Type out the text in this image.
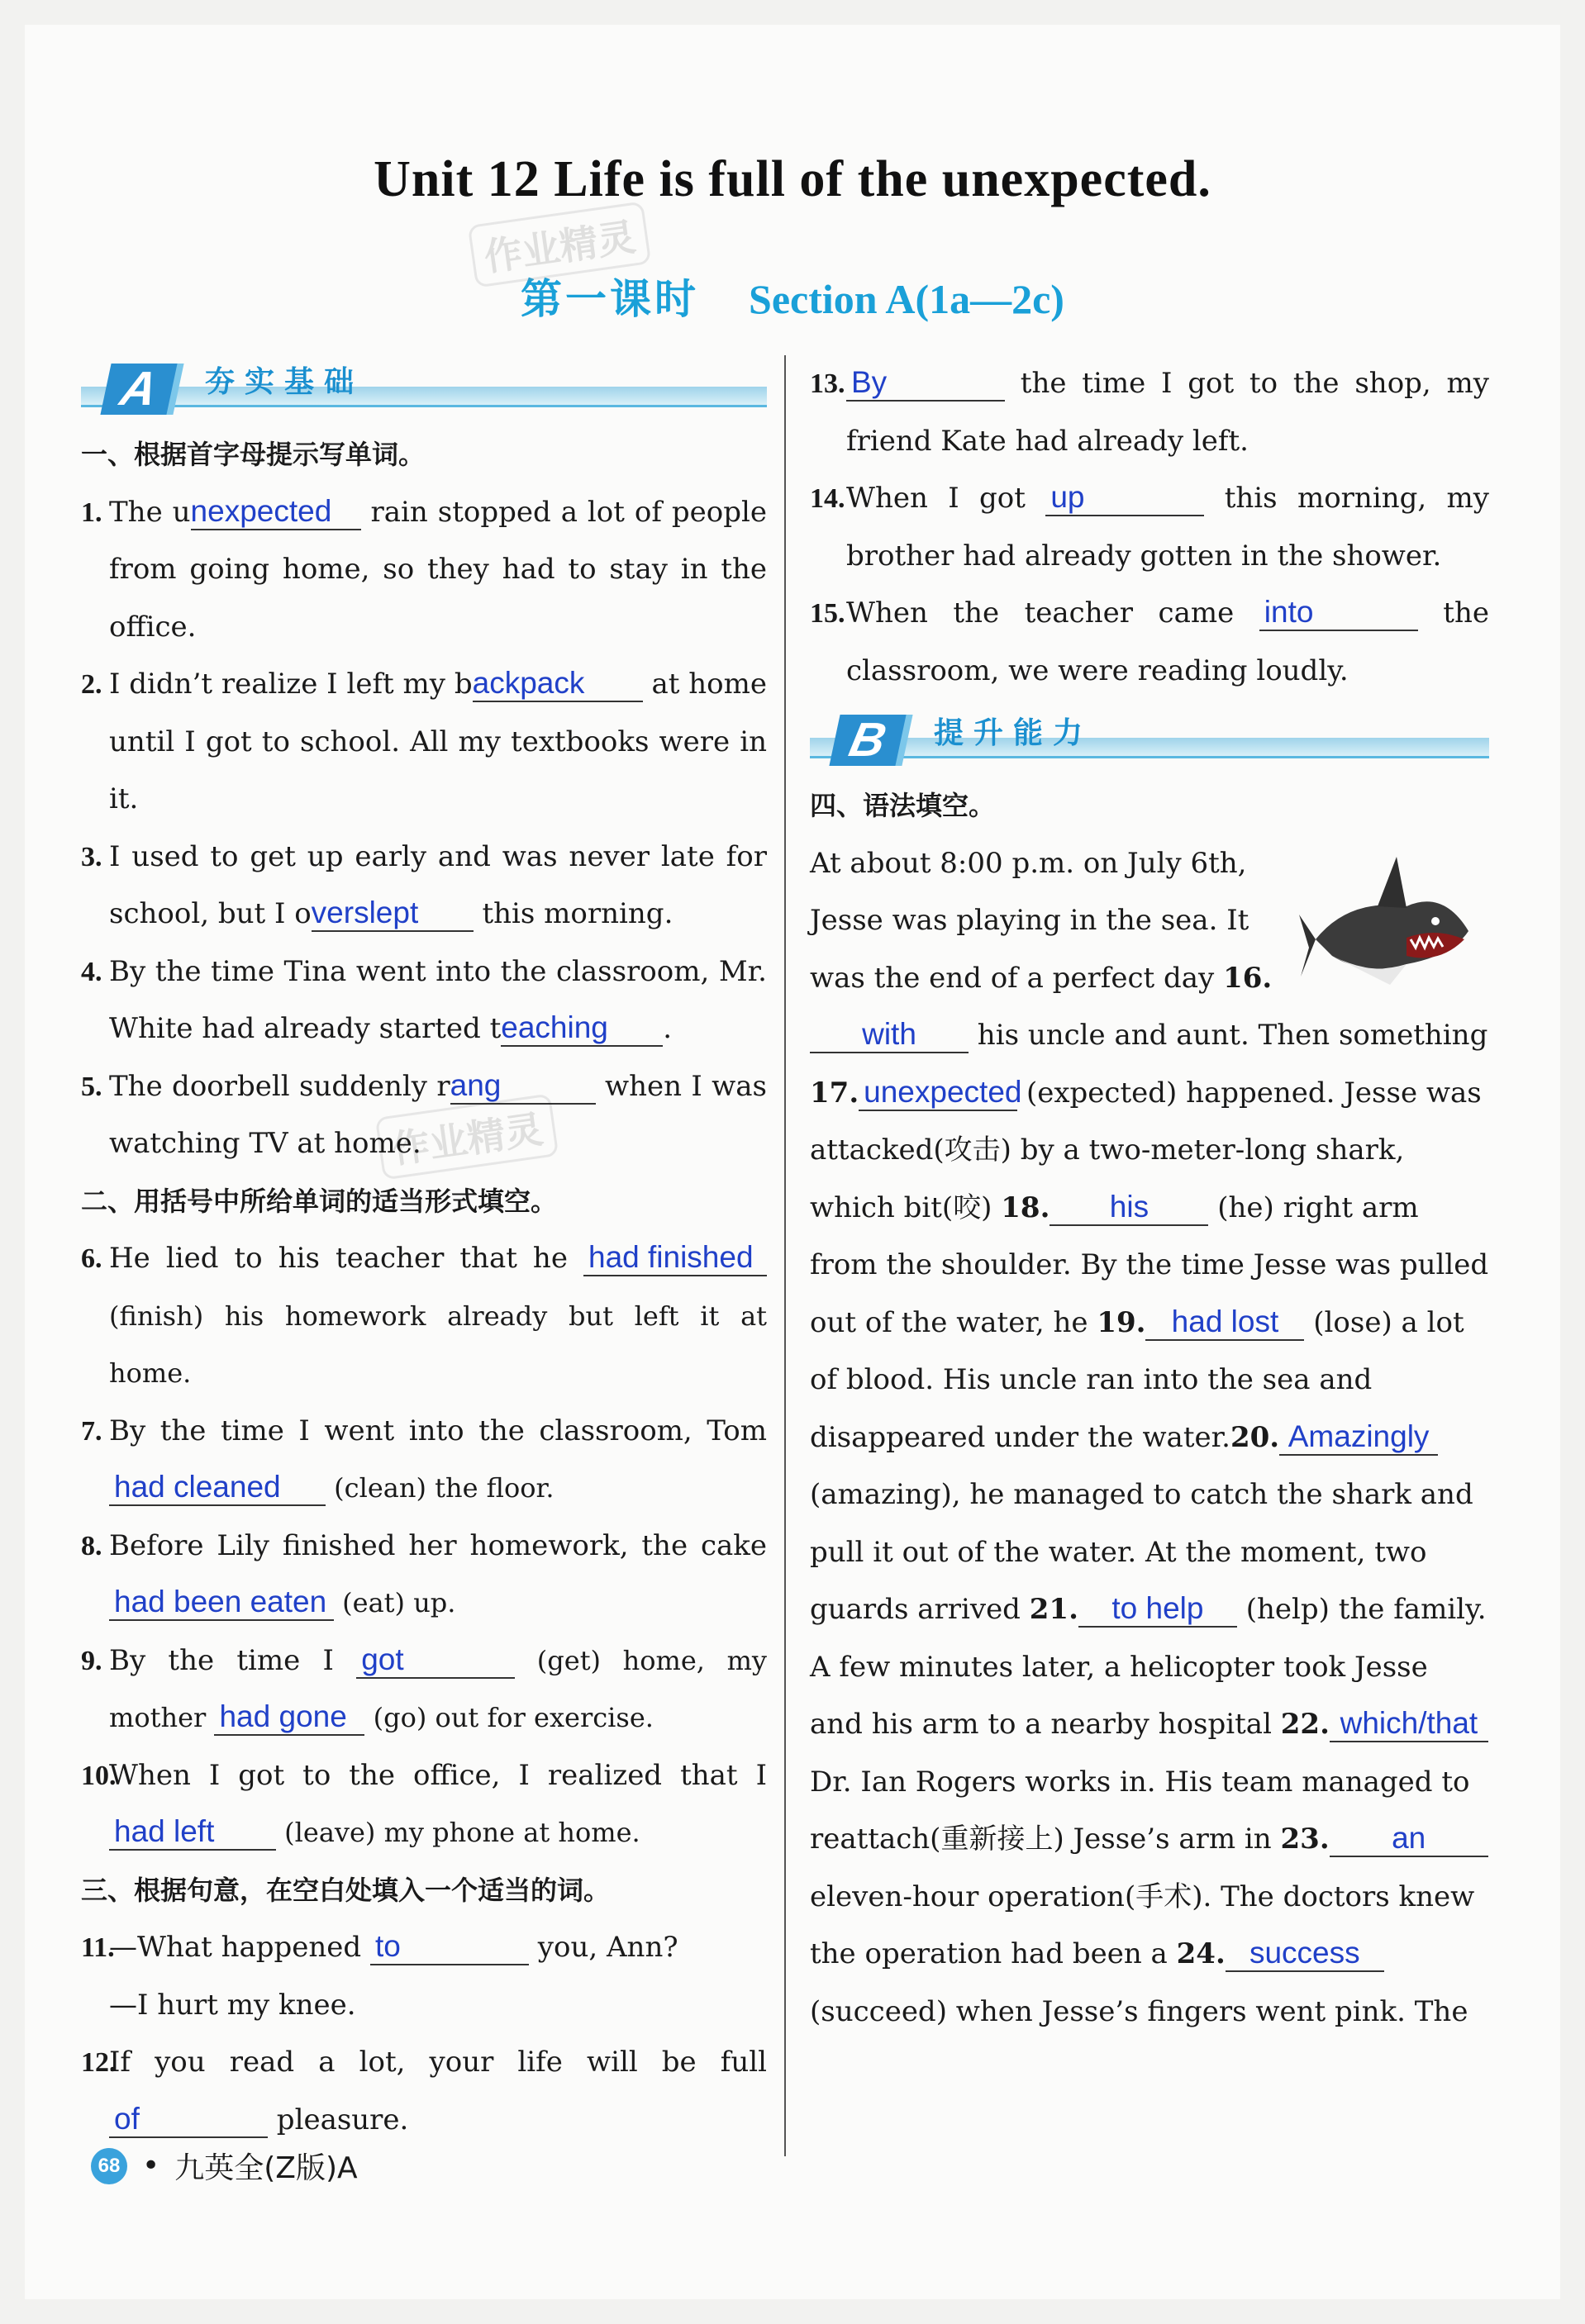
Unit 12 Life is full of the unexpected.
第一课时 Section A(1a—2c)
作业精灵
作业精灵
A	夯实基础
一、根据首字母提示写单词。
1. The unexpected rain stopped a lot of people from going home, so they had to stay in the office.
2. I didn’t realize I left my backpack at home until I got to school. All my textbooks were in it.
3. I used to get up early and was never late for school, but I overslept this morning.
4. By the time Tina went into the classroom, Mr. White had already started teaching .
5. The doorbell suddenly rang	when I was watching TV at home.
二、用括号中所给单词的适当形式填空。
6. He lied to his teacher that he had finished (finish) his homework already but left it at home.
7. By the time I went into the classroom, Tom had cleaned (clean) the floor.
8. Before Lily finished her homework, the cake had been eaten (eat) up.
9. By the time I got	(get) home, my mother had gone (go) out for exercise.
10.
When I got to the office, I realized that I had left (leave) my phone at home.
三、根据句意，在空白处填入一个适当的词。
11.
—What happened to	you, Ann?
—I hurt my knee.
12.
If you read a lot, your life will be full of	pleasure.
13. By	the time I got to the shop, my friend Kate had already left.
14. When I got up	this morning, my brother had already gotten in the shower.
15. When the teacher came into	the classroom, we were reading loudly.
B	提升能力
四、语法填空。

At about 8:00 p.m. on July 6th, Jesse was playing in the sea. It was the end of a perfect day 16.with his uncle and aunt. Then something 17. unexpected (expected) happened. Jesse was attacked(攻击) by a two-meter-long shark, which bit(咬) 18. his (he) right arm from the shoulder. By the time Jesse was pulled out of the water, he 19. had lost (lose) a lot of blood. His uncle ran into the sea and disappeared under the water.20. Amazingly (amazing), he managed to catch the shark and pull it out of the water. At the moment, two guards arrived 21. to help (help) the family.

A few minutes later, a helicopter took Jesse and his arm to a nearby hospital 22. which/that Dr. Ian Rogers works in. His team managed to reattach(重新接上) Jesse’s arm in 23. an eleven-hour operation(手术). The doctors knew the operation had been a 24. success (succeed) when Jesse’s fingers went pink. The

68 • 九英全(Z版)A
